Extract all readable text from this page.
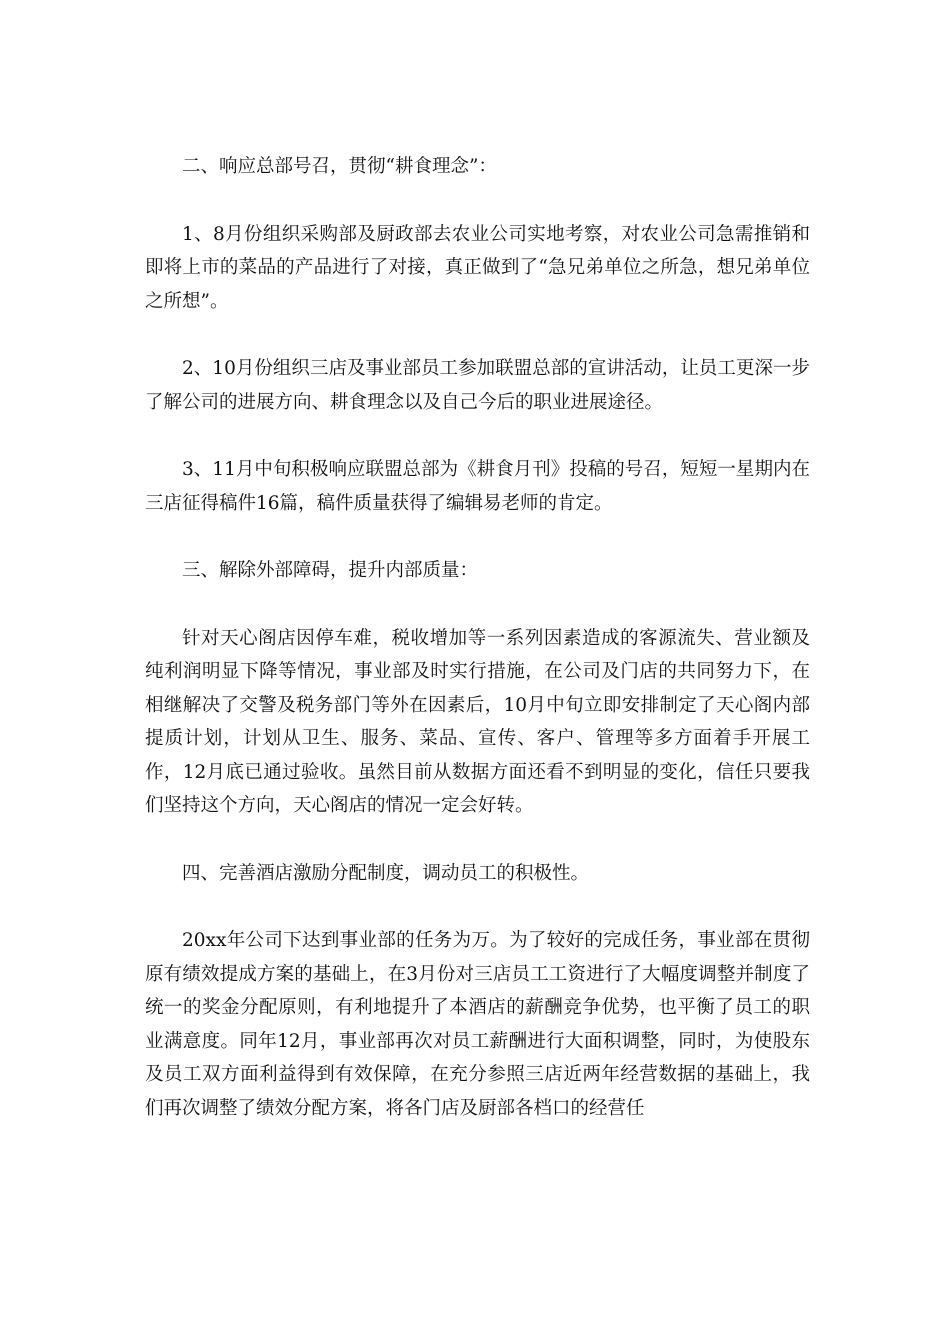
二、响应总部号召，贯彻“耕食理念”：

1、8月份组织采购部及厨政部去农业公司实地考察，对农业公司急需推销和即将上市的菜品的产品进行了对接，真正做到了“急兄弟单位之所急，想兄弟单位之所想”。

2、10月份组织三店及事业部员工参加联盟总部的宣讲活动，让员工更深一步了解公司的进展方向、耕食理念以及自己今后的职业进展途径。

3、11月中旬积极响应联盟总部为《耕食月刊》投稿的号召，短短一星期内在三店征得稿件16篇，稿件质量获得了编辑易老师的肯定。

三、解除外部障碍，提升内部质量：

针对天心阁店因停车难，税收增加等一系列因素造成的客源流失、营业额及纯利润明显下降等情况，事业部及时实行措施，在公司及门店的共同努力下，在相继解决了交警及税务部门等外在因素后，10月中旬立即安排制定了天心阁内部提质计划，计划从卫生、服务、菜品、宣传、客户、管理等多方面着手开展工作，12月底已通过验收。虽然目前从数据方面还看不到明显的变化，信任只要我们坚持这个方向，天心阁店的情况一定会好转。

四、完善酒店激励分配制度，调动员工的积极性。

20xx年公司下达到事业部的任务为万。为了较好的完成任务，事业部在贯彻原有绩效提成方案的基础上，在3月份对三店员工工资进行了大幅度调整并制度了统一的奖金分配原则，有利地提升了本酒店的薪酬竞争优势，也平衡了员工的职业满意度。同年12月，事业部再次对员工薪酬进行大面积调整，同时，为使股东及员工双方面利益得到有效保障，在充分参照三店近两年经营数据的基础上，我们再次调整了绩效分配方案，将各门店及厨部各档口的经营任
